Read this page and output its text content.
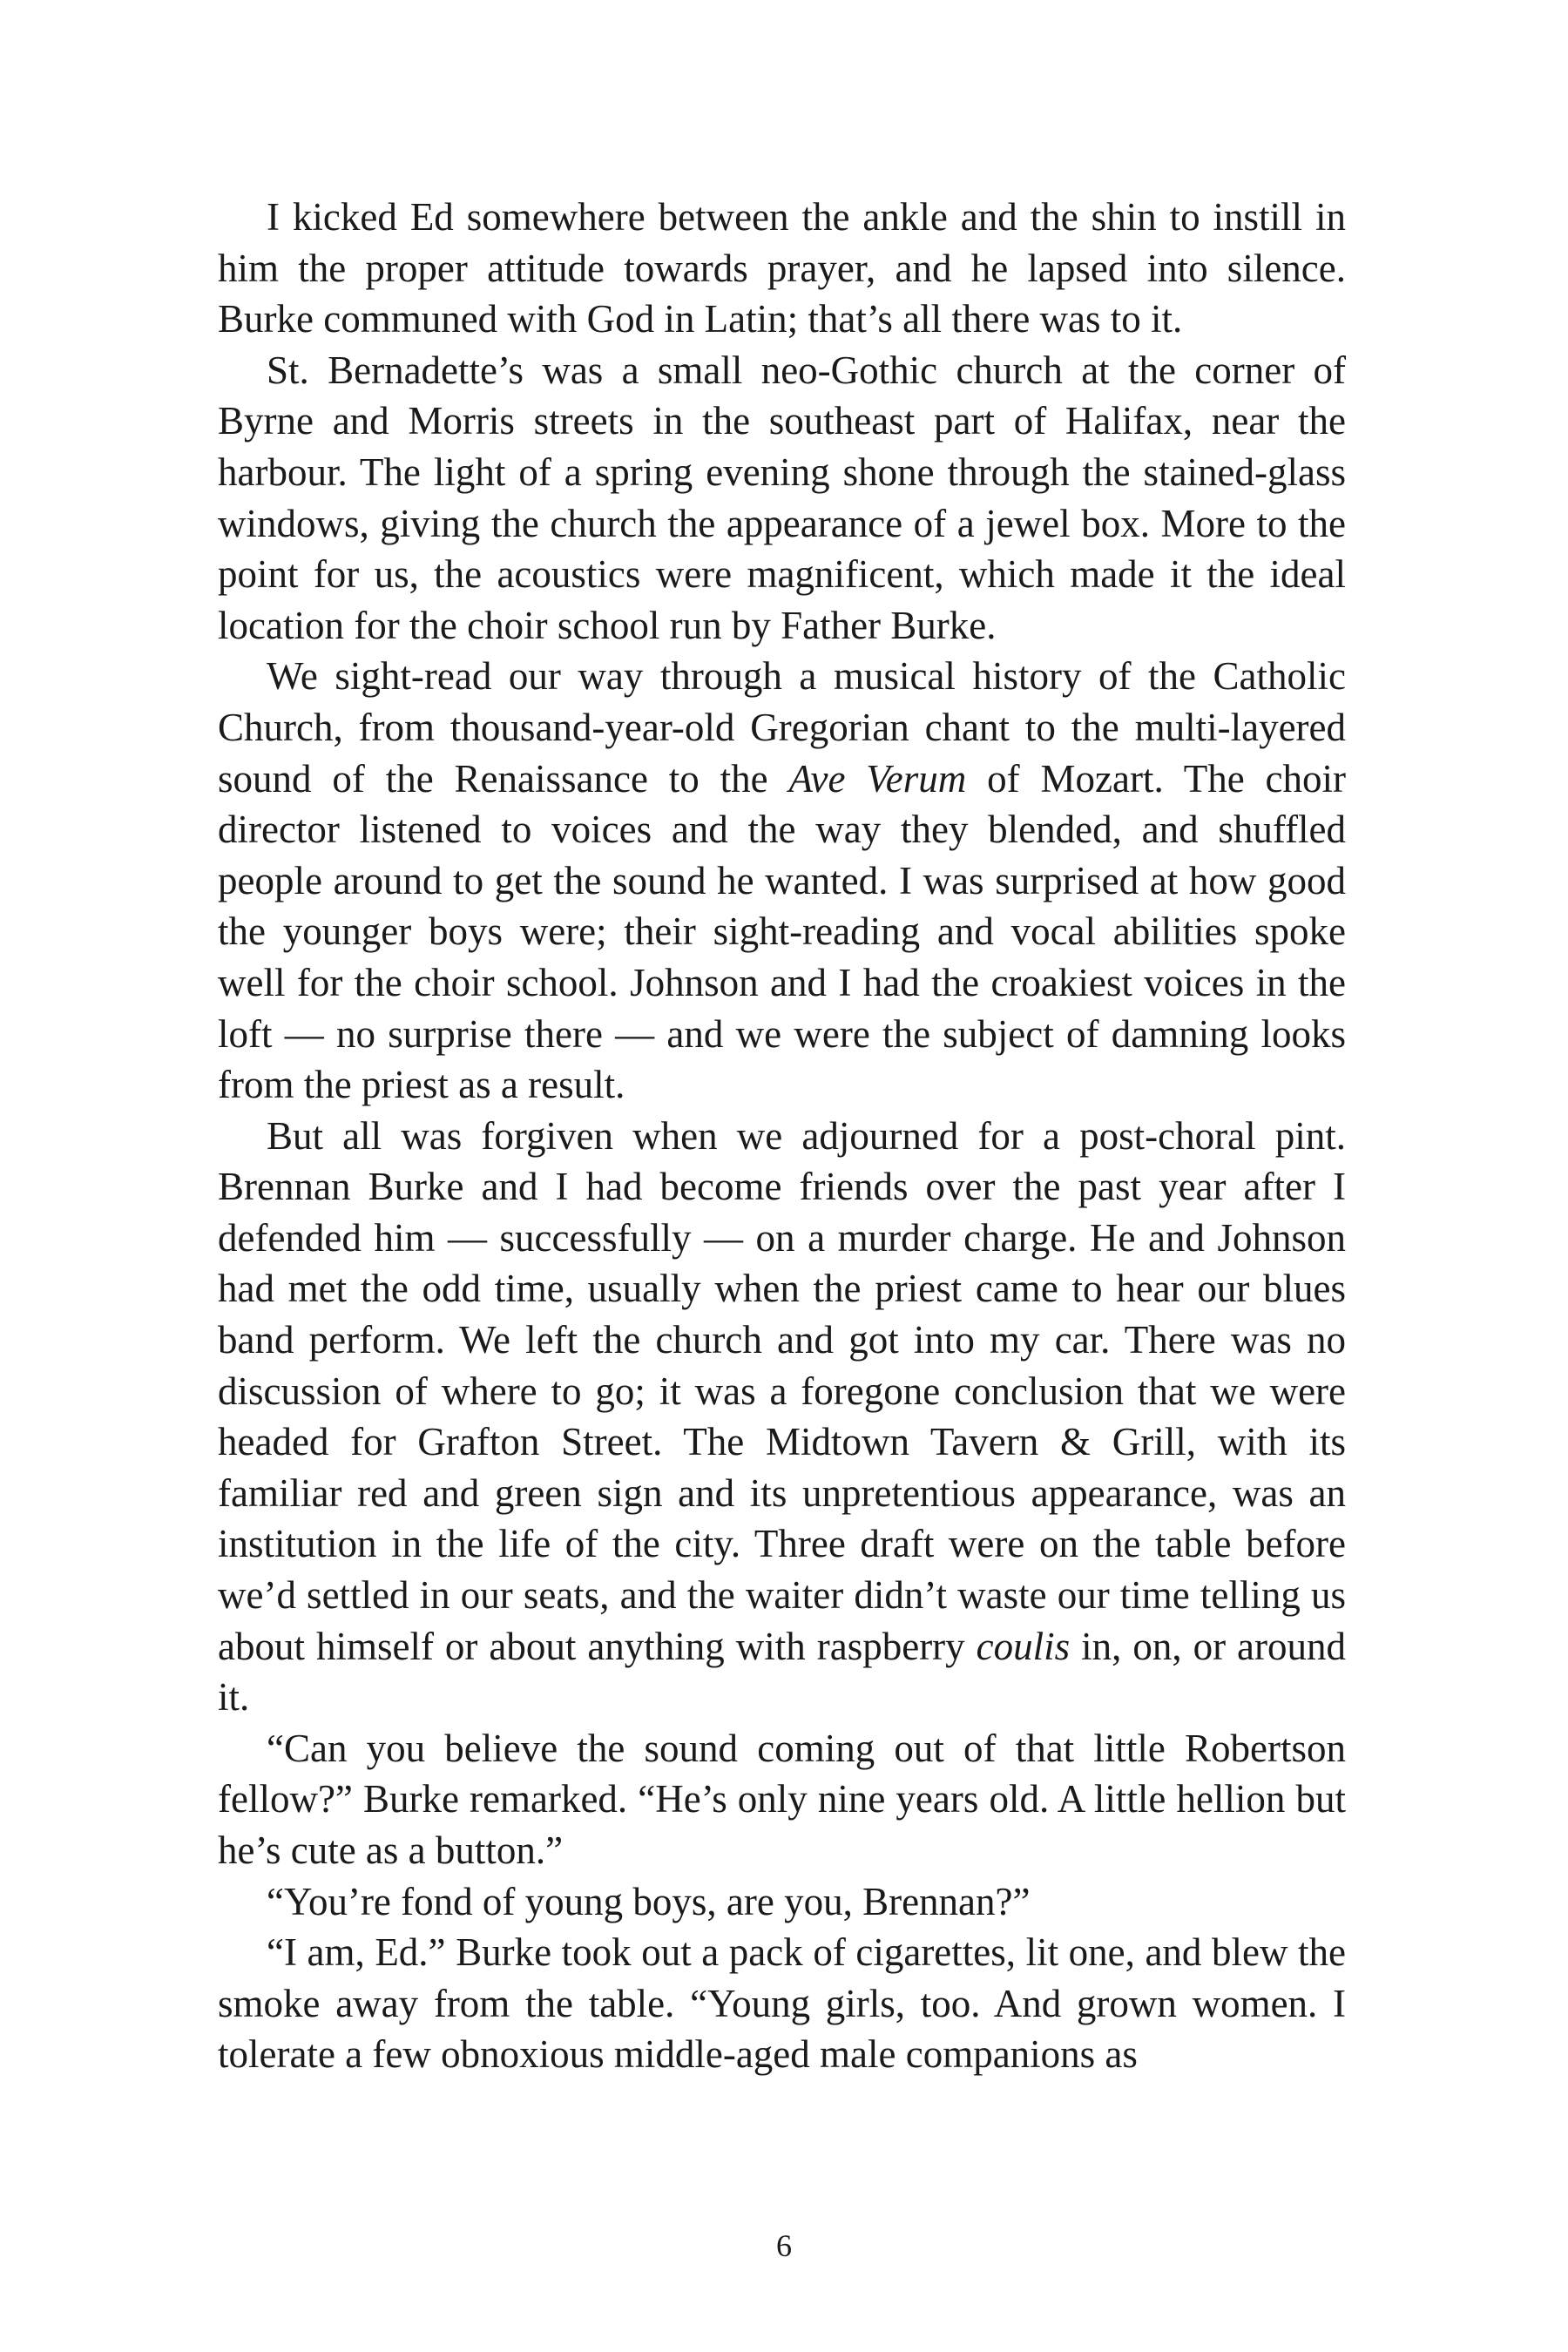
I kicked Ed somewhere between the ankle and the shin to instill in him the proper attitude towards prayer, and he lapsed into silence. Burke communed with God in Latin; that’s all there was to it.

St. Bernadette’s was a small neo-Gothic church at the corner of Byrne and Morris streets in the southeast part of Halifax, near the harbour. The light of a spring evening shone through the stained-glass windows, giving the church the appearance of a jewel box. More to the point for us, the acoustics were magnificent, which made it the ideal location for the choir school run by Father Burke.

We sight-read our way through a musical history of the Catholic Church, from thousand-year-old Gregorian chant to the multi-layered sound of the Renaissance to the Ave Verum of Mozart. The choir director listened to voices and the way they blended, and shuffled people around to get the sound he wanted. I was surprised at how good the younger boys were; their sight-reading and vocal abilities spoke well for the choir school. Johnson and I had the croakiest voices in the loft — no surprise there — and we were the subject of damning looks from the priest as a result.

But all was forgiven when we adjourned for a post-choral pint. Brennan Burke and I had become friends over the past year after I defended him — successfully — on a murder charge. He and Johnson had met the odd time, usually when the priest came to hear our blues band perform. We left the church and got into my car. There was no discussion of where to go; it was a foregone conclusion that we were headed for Grafton Street. The Midtown Tavern & Grill, with its familiar red and green sign and its unpretentious appearance, was an institution in the life of the city. Three draft were on the table before we’d settled in our seats, and the waiter didn’t waste our time telling us about himself or about anything with raspberry coulis in, on, or around it.

“Can you believe the sound coming out of that little Robertson fellow?” Burke remarked. “He’s only nine years old. A little hellion but he’s cute as a button.”

“You’re fond of young boys, are you, Brennan?”

“I am, Ed.” Burke took out a pack of cigarettes, lit one, and blew the smoke away from the table. “Young girls, too. And grown women. I tolerate a few obnoxious middle-aged male companions as

6
